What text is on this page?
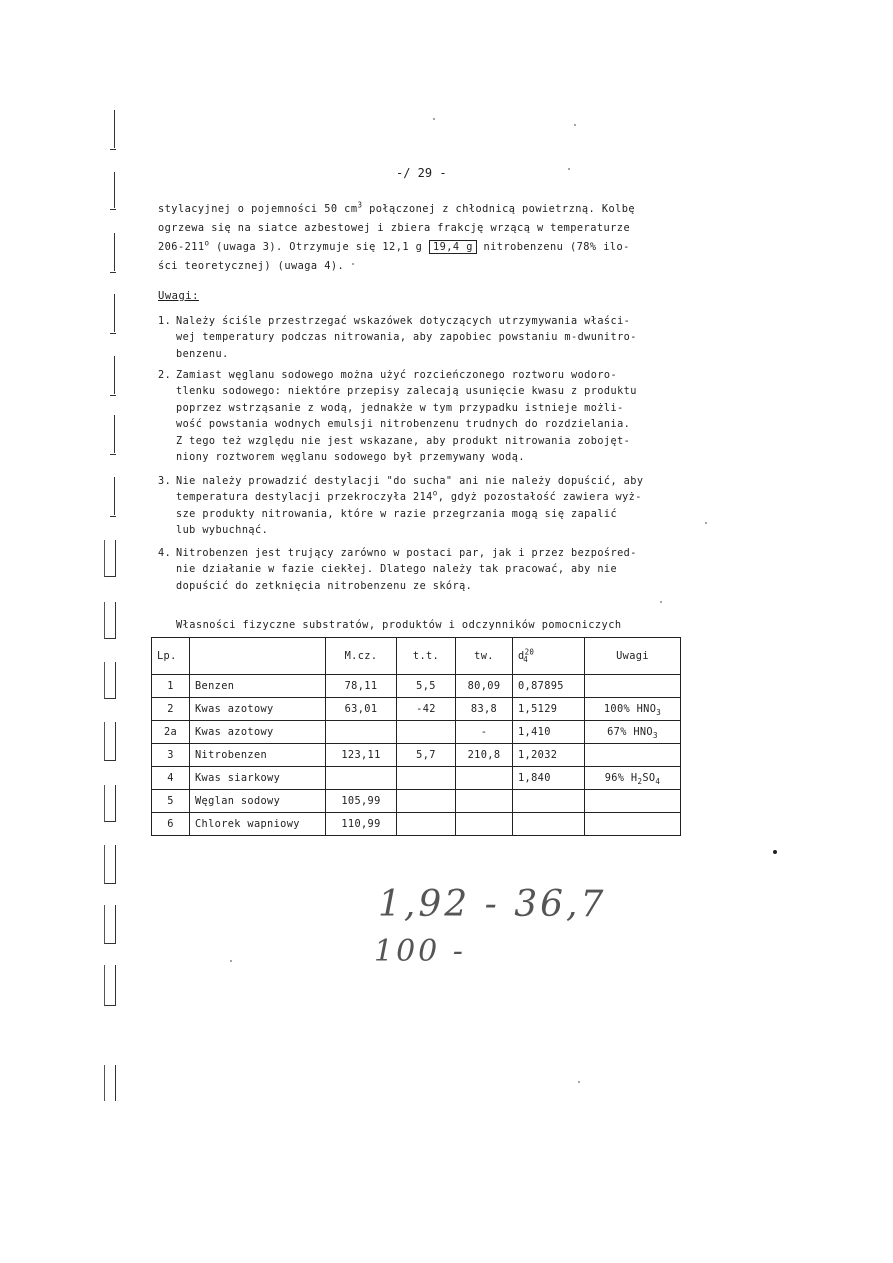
-/ 29 -
stylacyjnej o pojemności 50 $cm^3$ połączonej z chłodnicą powietrzną. Kolbę
ogrzewa się na siatce azbestowej i zbiera frakcję wrzącą w temperaturze
206-211$^o$ (uwaga 3). Otrzymuje się 12,1 g 19,4 g nitrobenzenu (78% ilo-
ści teoretycznej) (uwaga 4).
Uwagi:
1. Należy ściśle przestrzegać wskazówek dotyczących utrzymywania właści-
wej temperatury podczas nitrowania, aby zapobiec powstaniu m-dwunitro-
benzenu.
2. Zamiast węglanu sodowego można użyć rozcieńczonego roztworu wodoro-
tlenku sodowego: niektóre przepisy zalecają usunięcie kwasu z produktu
poprzez wstrząsanie z wodą, jednakże w tym przypadku istnieje możli-
wość powstania wodnych emulsji nitrobenzenu trudnych do rozdzielania.
Z tego też względu nie jest wskazane, aby produkt nitrowania zobojęt-
niony roztworem węglanu sodowego był przemywany wodą.
3. Nie należy prowadzić destylacji "do sucha" ani nie należy dopuścić, aby
temperatura destylacji przekroczyła 214$^o$, gdyż pozostałość zawiera wyż-
sze produkty nitrowania, które w razie przegrzania mogą się zapalić
lub wybuchnąć.
4. Nitrobenzen jest trujący zarówno w postaci par, jak i przez bezpośred-
nie działanie w fazie ciekłej. Dlatego należy tak pracować, aby nie
dopuścić do zetknięcia nitrobenzenu ze skórą.
Własności fizyczne substratów, produktów i odczynników pomocniczych
Lp.		M.cz.	t.t.	tw.	$d^{20}_4$	Uwagi
1	Benzen	78,11	5,5	80,09	0,87895	
2	Kwas azotowy	63,01	-42	83,8	1,5129	100% $HNO_3$
2a	Kwas azotowy			-	1,410	67% $HNO_3$
3	Nitrobenzen	123,11	5,7	210,8	1,2032	
4	Kwas siarkowy				1,840	96% $H_2SO_4$
5	Węglan sodowy	105,99				
6	Chlorek wapniowy	110,99				
1,92 - 36,7
100 -
